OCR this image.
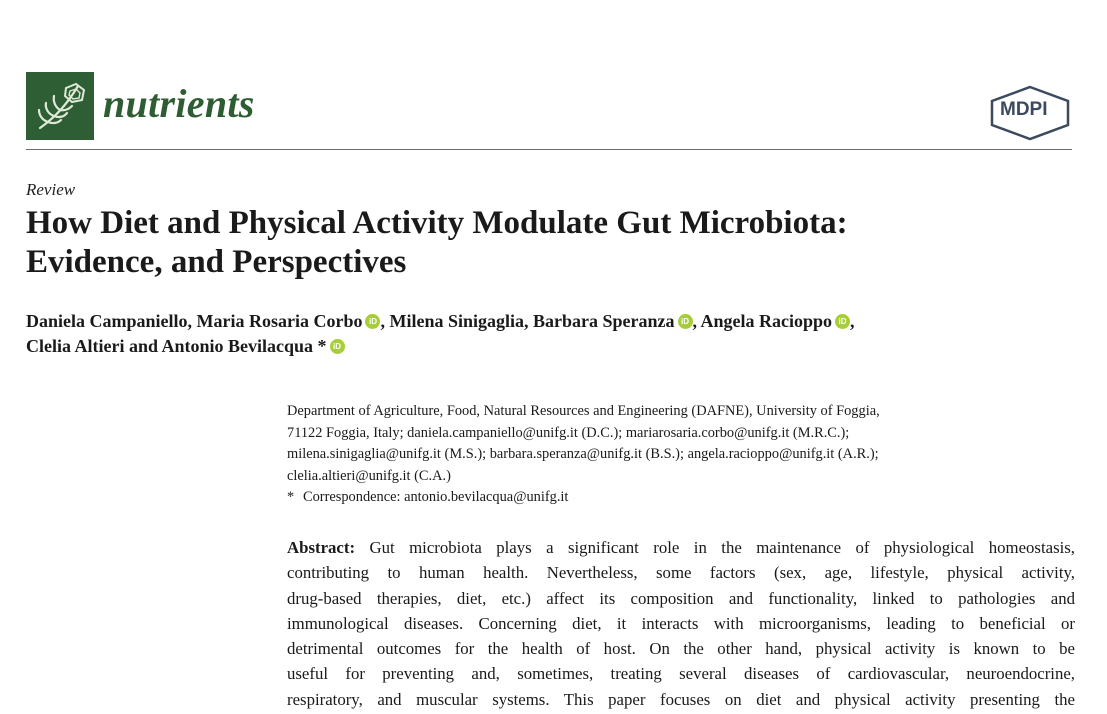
nutrients	MDPI
Review
How Diet and Physical Activity Modulate Gut Microbiota:
Evidence, and Perspectives
Daniela Campaniello, Maria Rosaria Corbo iD , Milena Sinigaglia, Barbara Speranza iD , Angela Racioppo iD ,
Clelia Altieri and Antonio Bevilacqua * iD
Department of Agriculture, Food, Natural Resources and Engineering (DAFNE), University of Foggia,
71122 Foggia, Italy; daniela.campaniello@unifg.it (D.C.); mariarosaria.corbo@unifg.it (M.R.C.);
milena.sinigaglia@unifg.it (M.S.); barbara.speranza@unifg.it (B.S.); angela.racioppo@unifg.it (A.R.);
clelia.altieri@unifg.it (C.A.)
* Correspondence: antonio.bevilacqua@unifg.it
Abstract: Gut microbiota plays a significant role in the maintenance of physiological homeostasis,
contributing to human health. Nevertheless, some factors (sex, age, lifestyle, physical activity,
drug-based therapies, diet, etc.) affect its composition and functionality, linked to pathologies and
immunological diseases. Concerning diet, it interacts with microorganisms, leading to beneficial or
detrimental outcomes for the health of host. On the other hand, physical activity is known to be
useful for preventing and, sometimes, treating several diseases of cardiovascular, neuroendocrine,
respiratory, and muscular systems. This paper focuses on diet and physical activity presenting the
